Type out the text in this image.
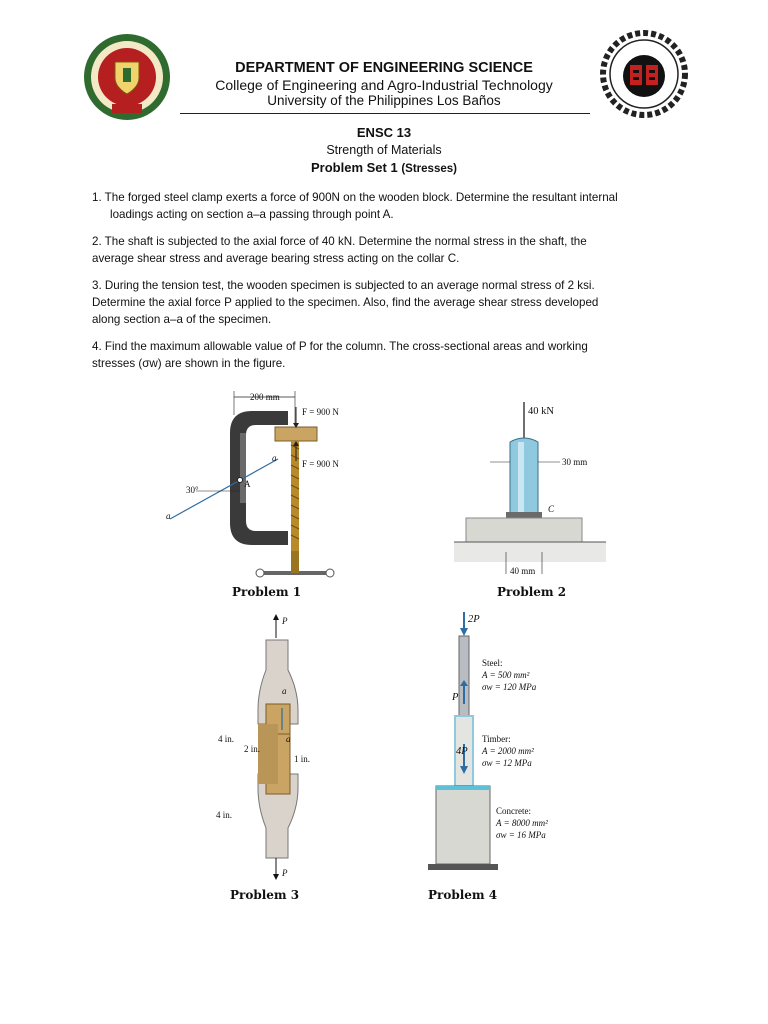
DEPARTMENT OF ENGINEERING SCIENCE
College of Engineering and Agro-Industrial Technology
University of the Philippines Los Baños
ENSC 13
Strength of Materials
Problem Set 1 (Stresses)
1. The forged steel clamp exerts a force of 900N on the wooden block. Determine the resultant internal
loadings acting on section a–a passing through point A.
2. The shaft is subjected to the axial force of 40 kN. Determine the normal stress in the shaft, the
average shear stress and average bearing stress acting on the collar C.
3. During the tension test, the wooden specimen is subjected to an average normal stress of 2 ksi.
Determine the axial force P applied to the specimen. Also, find the average shear stress developed
along section a–a of the specimen.
4. Find the maximum allowable value of P for the column. The cross-sectional areas and working
stresses (σw) are shown in the figure.
200 mm
F = 900 N
F = 900 N
30°
a
a
A
Problem 1
40 kN
30 mm
C
40 mm
Problem 2
P
a
a
4 in.
2 in.
1 in.
4 in.
P
Problem 3
2P
P
4P
Steel:
A = 500 mm²
σw = 120 MPa
Timber:
A = 2000 mm²
σw = 12 MPa
Concrete:
A = 8000 mm²
σw = 16 MPa
Problem 4
